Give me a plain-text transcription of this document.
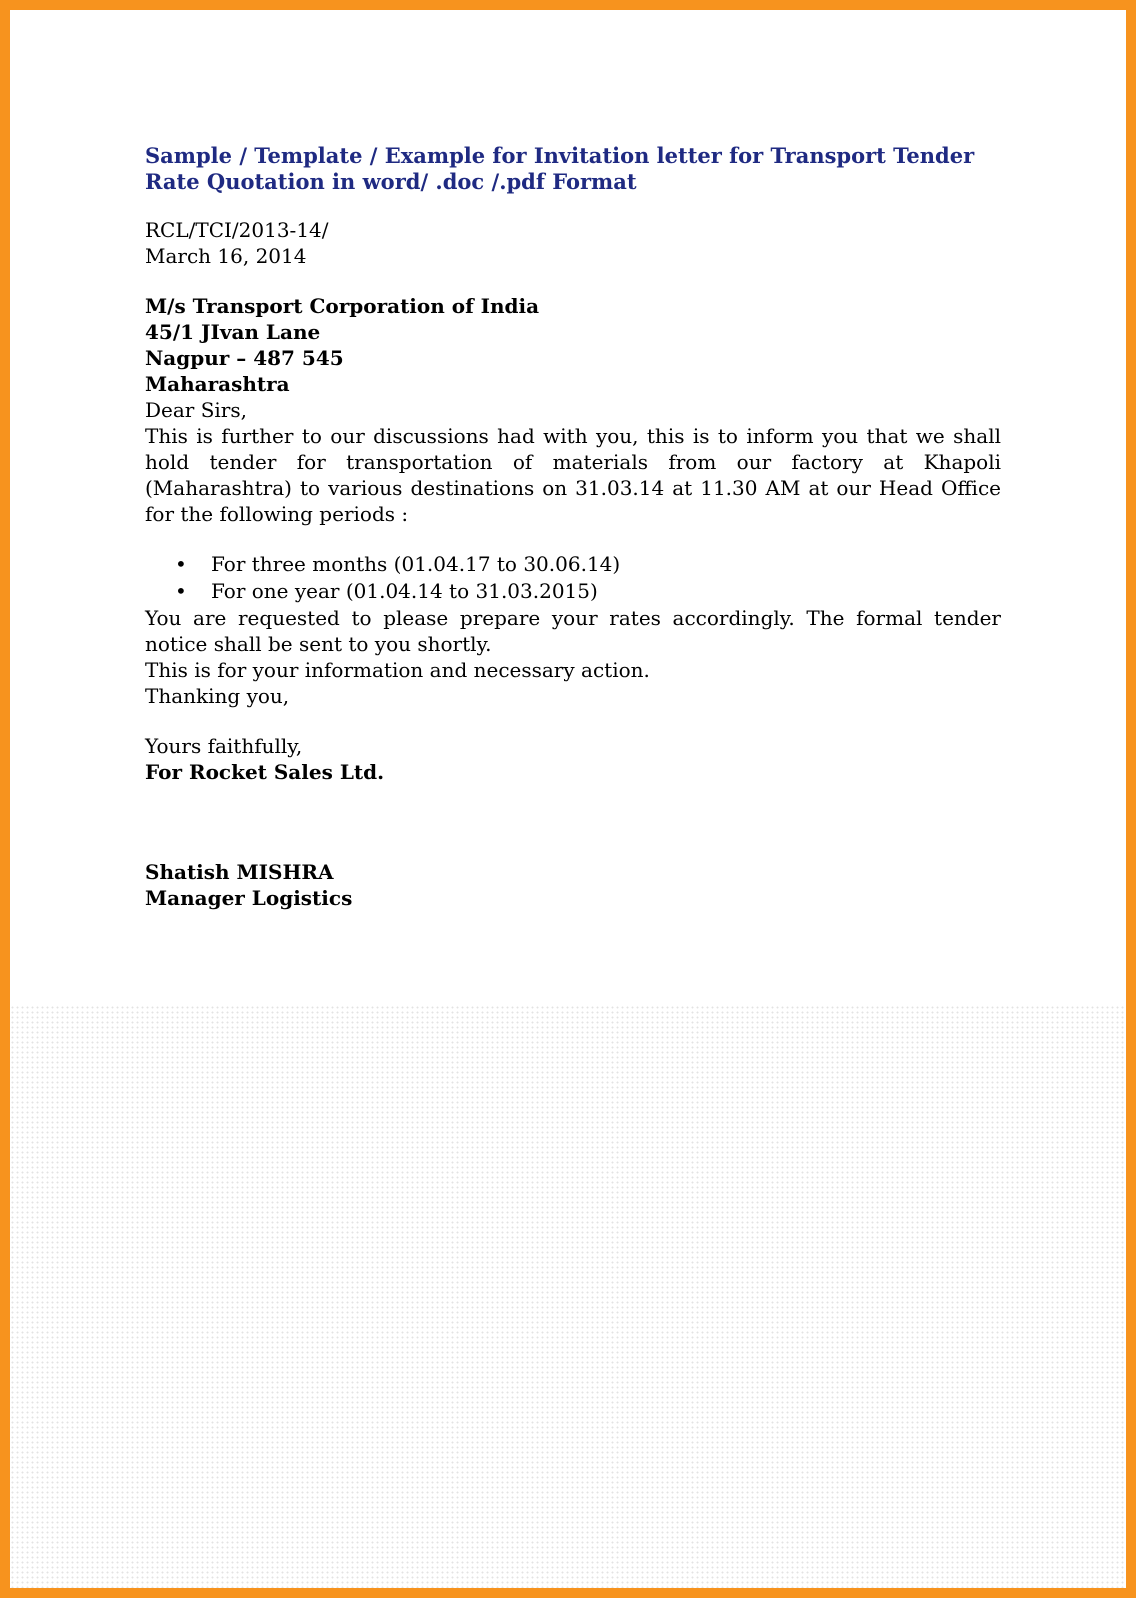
Sample / Template / Example for Invitation letter for Transport Tender

Rate Quotation in word/ .doc /.pdf Format

RCL/TCI/2013-14/

March 16, 2014

M/s Transport Corporation of India

45/1 JIvan Lane

Nagpur – 487 545

Maharashtra

Dear Sirs,

This is further to our discussions had with you, this is to inform you that we shall hold tender for transportation of materials from our factory at Khapoli (Maharashtra) to various destinations on 31.03.14 at 11.30 AM at our Head Office for the following periods :

• For three months (01.04.17 to 30.06.14)
• For one year (01.04.14 to 31.03.2015)

You are requested to please prepare your rates accordingly. The formal tender notice shall be sent to you shortly.

This is for your information and necessary action.

Thanking you,

Yours faithfully,

For Rocket Sales Ltd.

Shatish MISHRA

Manager Logistics
